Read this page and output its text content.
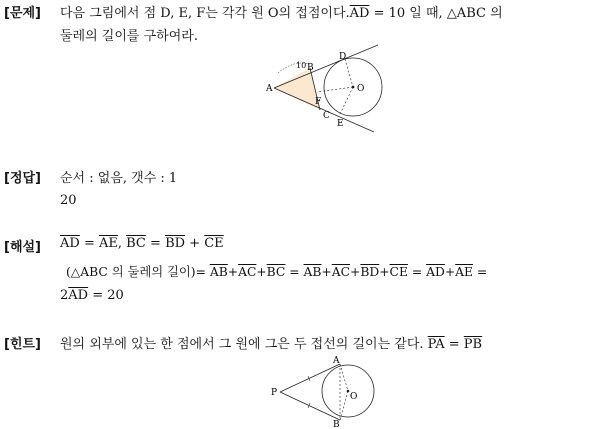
[문제] 다음 그림에서 점 D, E, F는 각각 원 O의 접점이다$.\overline{AD} = 10$ 일 때, △ABC 의
둘레의 길이를 구하여라.
10
A
B
C
D
E
F
O
[정답] 순서 : 없음, 갯수 : 1
20
[해설] $\overline{AD} = \overline{AE}$, $\overline{BC} = \overline{BD} + \overline{CE}$
(△ABC 의 둘레의 길이)= $\overline{AB}+\overline{AC}+\overline{BC} = \overline{AB}+\overline{AC}+\overline{BD}+\overline{CE} = \overline{AD}+\overline{AE}$ =
$2\overline{AD} = 20$
[힌트] 원의 외부에 있는 한 점에서 그 원에 그은 두 접선의 길이는 같다. $\overline{PA} = \overline{PB}$
P
A
B
O
